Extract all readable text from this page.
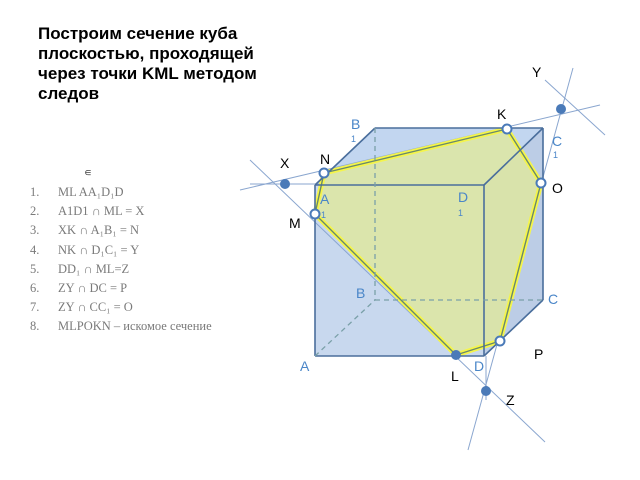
Построим сечение куба плоскостью, проходящей через точки KML методом следов
∊
1. ML AA₁D₁D
2. A1D1 ∩ ML = X
3. XK ∩ A₁B₁ = N
4. NK ∩ D₁C₁ = Y
5. DD₁ ∩ ML=Z
6. ZY ∩ DC = P
7. ZY ∩ CC₁ = O
8. MLPOKN – искомое сечение
B
1	C
1
A
1
D
1
B	C
A	D
Y
K
N
X
O
M
P
L
Z
